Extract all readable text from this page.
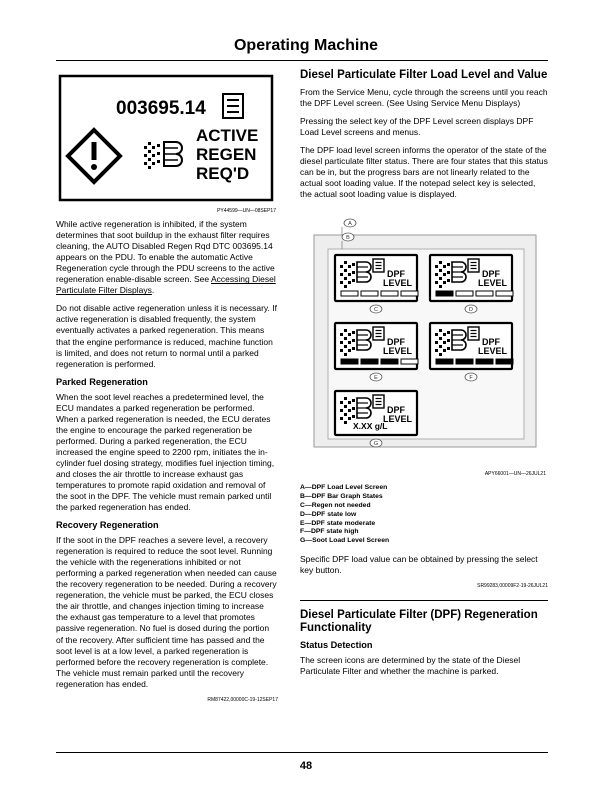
Operating Machine
003695.14
ACTIVE
REGEN
REQ'D
PY44599—UN—08SEP17

While active regeneration is inhibited, if the system determines that soot buildup in the exhaust filter requires cleaning, the AUTO Disabled Regen Rqd DTC 003695.14 appears on the PDU. To enable the automatic Active Regeneration cycle through the PDU screens to the active regeneration enable-disable screen. See Accessing Diesel Particulate Filter Displays.

Do not disable active regeneration unless it is necessary. If active regeneration is disabled frequently, the system eventually activates a parked regeneration. This means that the engine performance is reduced, machine function is limited, and does not return to normal until a parked regeneration is performed.

Parked Regeneration

When the soot level reaches a predetermined level, the ECU mandates a parked regeneration be performed. When a parked regeneration is needed, the ECU derates the engine to encourage the parked regeneration be performed. During a parked regeneration, the ECU increased the engine speed to 2200 rpm, initiates the in-cylinder fuel dosing strategy, modifies fuel injection timing, and closes the air throttle to increase exhaust gas temperatures to promote rapid oxidation and removal of the soot in the DPF. The vehicle must remain parked until the parked regeneration has ended.

Recovery Regeneration

If the soot in the DPF reaches a severe level, a recovery regeneration is required to reduce the soot level. Running the vehicle with the regenerations inhibited or not performing a parked regeneration when needed can cause the recovery regeneration to be needed. During a recovery regeneration, the vehicle must be parked, the ECU closes the air throttle, and changes injection timing to increase the exhaust gas temperature to a level that promotes passive regeneration. No fuel is dosed during the portion of the recovery. After sufficient time has passed and the soot level is at a low level, a parked regeneration is performed before the recovery regeneration is complete. The vehicle must remain parked until the recovery regeneration has ended.

RM87422,00000C-19-12SEP17

Diesel Particulate Filter Load Level and Value

From the Service Menu, cycle through the screens until you reach the DPF Level screen. (See Using Service Menu Displays)

Pressing the select key of the DPF Level screen displays DPF Load Level screens and menus.

The DPF load level screen informs the operator of the state of the diesel particulate filter status. There are four states that this status can be in, but the progress bars are not linearly related to the actual soot loading value. If the notepad select key is selected, the actual soot loading value is displayed.

A
B
C	D
E	F
G
DPF
LEVEL
DPF
LEVEL
DPF
LEVEL
DPF
LEVEL
DPF
LEVEL
X.XX g/L
APY66001—UN—26JUL21
A—DPF Load Level Screen
B—DPF Bar Graph States
C—Regen not needed
D—DPF state low
E—DPF state moderate
F—DPF state high
G—Soot Load Level Screen

Specific DPF load value can be obtained by pressing the select key button.

SR99283,00009F2-19-26JUL21

Diesel Particulate Filter (DPF) Regeneration Functionality
Status Detection

The screen icons are determined by the state of the Diesel Particulate Filter and whether the machine is parked.

48
